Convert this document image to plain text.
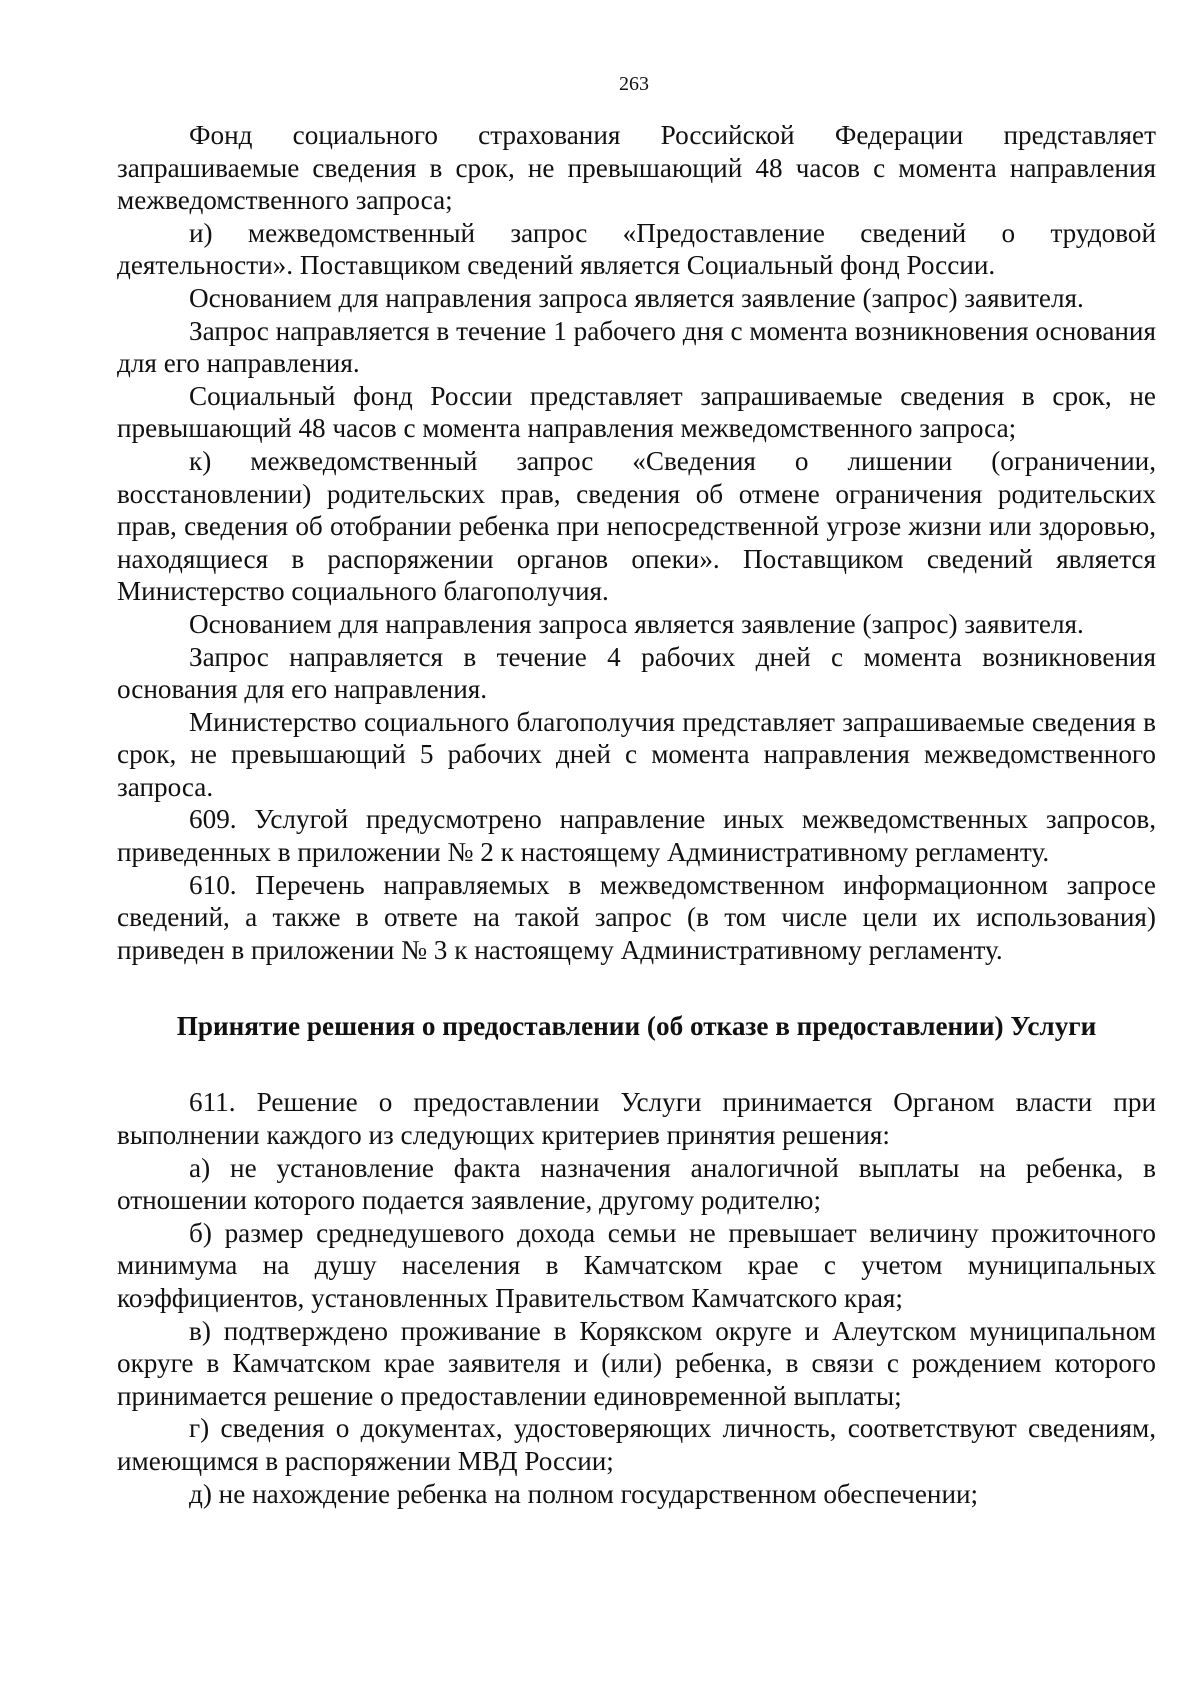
263

Фонд социального страхования Российской Федерации представляет запрашиваемые сведения в срок, не превышающий 48 часов с момента направления межведомственного запроса;

и) межведомственный запрос «Предоставление сведений о трудовой деятельности». Поставщиком сведений является Социальный фонд России.

Основанием для направления запроса является заявление (запрос) заявителя.

Запрос направляется в течение 1 рабочего дня с момента возникновения основания для его направления.

Социальный фонд России представляет запрашиваемые сведения в срок, не превышающий 48 часов с момента направления межведомственного запроса;

к) межведомственный запрос «Сведения о лишении (ограничении, восстановлении) родительских прав, сведения об отмене ограничения родительских прав, сведения об отобрании ребенка при непосредственной угрозе жизни или здоровью, находящиеся в распоряжении органов опеки». Поставщиком сведений является Министерство социального благополучия.

Основанием для направления запроса является заявление (запрос) заявителя.

Запрос направляется в течение 4 рабочих дней с момента возникновения основания для его направления.

Министерство социального благополучия представляет запрашиваемые сведения в срок, не превышающий 5 рабочих дней с момента направления межведомственного запроса.

609. Услугой предусмотрено направление иных межведомственных запросов, приведенных в приложении № 2 к настоящему Административному регламенту.

610. Перечень направляемых в межведомственном информационном запросе сведений, а также в ответе на такой запрос (в том числе цели их использования) приведен в приложении № 3 к настоящему Административному регламенту.

Принятие решения о предоставлении (об отказе в предоставлении) Услуги

611. Решение о предоставлении Услуги принимается Органом власти при выполнении каждого из следующих критериев принятия решения:

а) не установление факта назначения аналогичной выплаты на ребенка, в отношении которого подается заявление, другому родителю;

б) размер среднедушевого дохода семьи не превышает величину прожиточного минимума на душу населения в Камчатском крае с учетом муниципальных коэффициентов, установленных Правительством Камчатского края;

в) подтверждено проживание в Корякском округе и Алеутском муниципальном округе в Камчатском крае заявителя и (или) ребенка, в связи с рождением которого принимается решение о предоставлении единовременной выплаты;

г) сведения о документах, удостоверяющих личность, соответствуют сведениям, имеющимся в распоряжении МВД России;

д) не нахождение ребенка на полном государственном обеспечении;
